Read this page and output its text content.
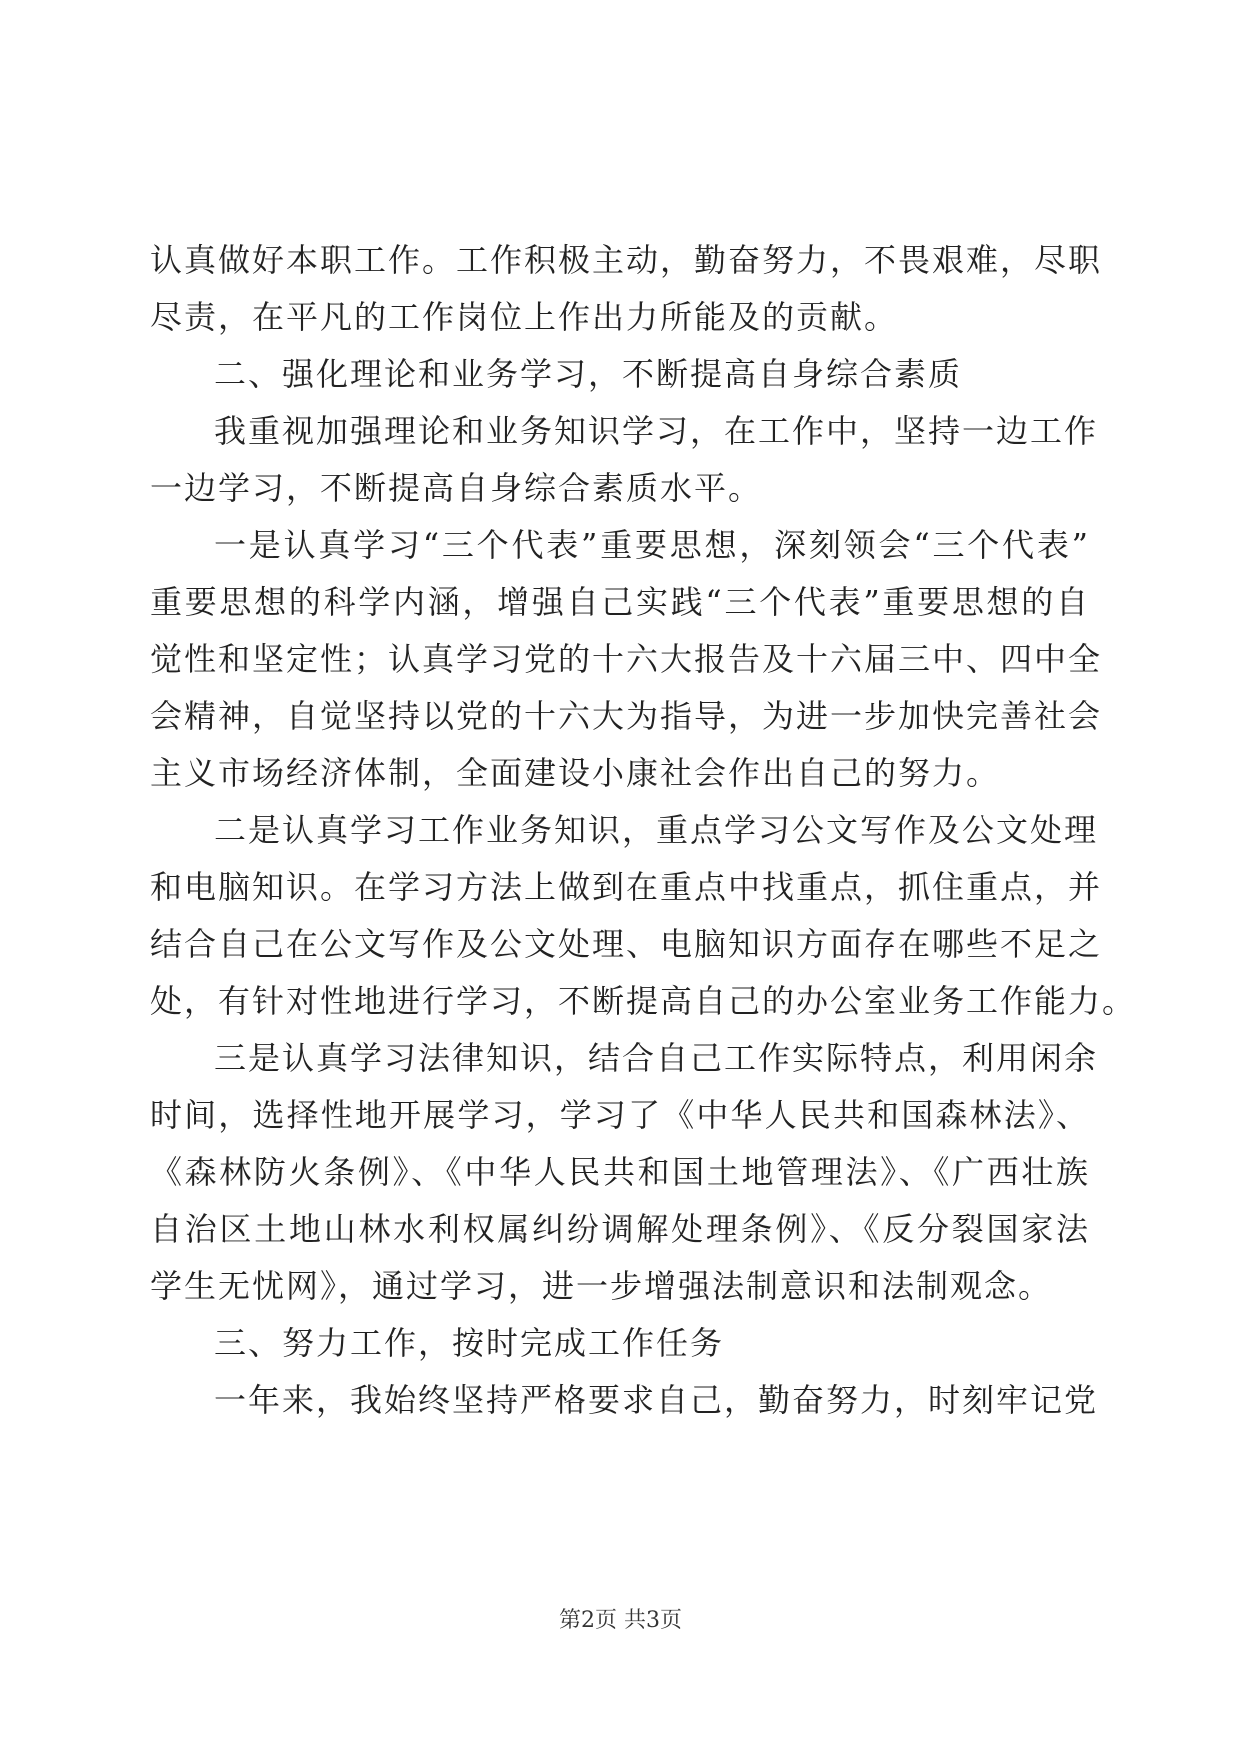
认真做好本职工作。工作积极主动，勤奋努力，不畏艰难，尽职
尽责，在平凡的工作岗位上作出力所能及的贡献。
二、强化理论和业务学习，不断提高自身综合素质
我重视加强理论和业务知识学习，在工作中，坚持一边工作
一边学习，不断提高自身综合素质水平。
一是认真学习“三个代表”重要思想，深刻领会“三个代表”
重要思想的科学内涵，增强自己实践“三个代表”重要思想的自
觉性和坚定性；认真学习党的十六大报告及十六届三中、四中全
会精神，自觉坚持以党的十六大为指导，为进一步加快完善社会
主义市场经济体制，全面建设小康社会作出自己的努力。
二是认真学习工作业务知识，重点学习公文写作及公文处理
和电脑知识。在学习方法上做到在重点中找重点，抓住重点，并
结合自己在公文写作及公文处理、电脑知识方面存在哪些不足之
处，有针对性地进行学习，不断提高自己的办公室业务工作能力。
三是认真学习法律知识，结合自己工作实际特点，利用闲余
时间，选择性地开展学习，学习了《中华人民共和国森林法》、
《森林防火条例》、《中华人民共和国土地管理法》、《广西壮族
自治区土地山林水利权属纠纷调解处理条例》、《反分裂国家法
学生无忧网》，通过学习，进一步增强法制意识和法制观念。
三、努力工作，按时完成工作任务
一年来，我始终坚持严格要求自己，勤奋努力，时刻牢记党
第2页 共3页
